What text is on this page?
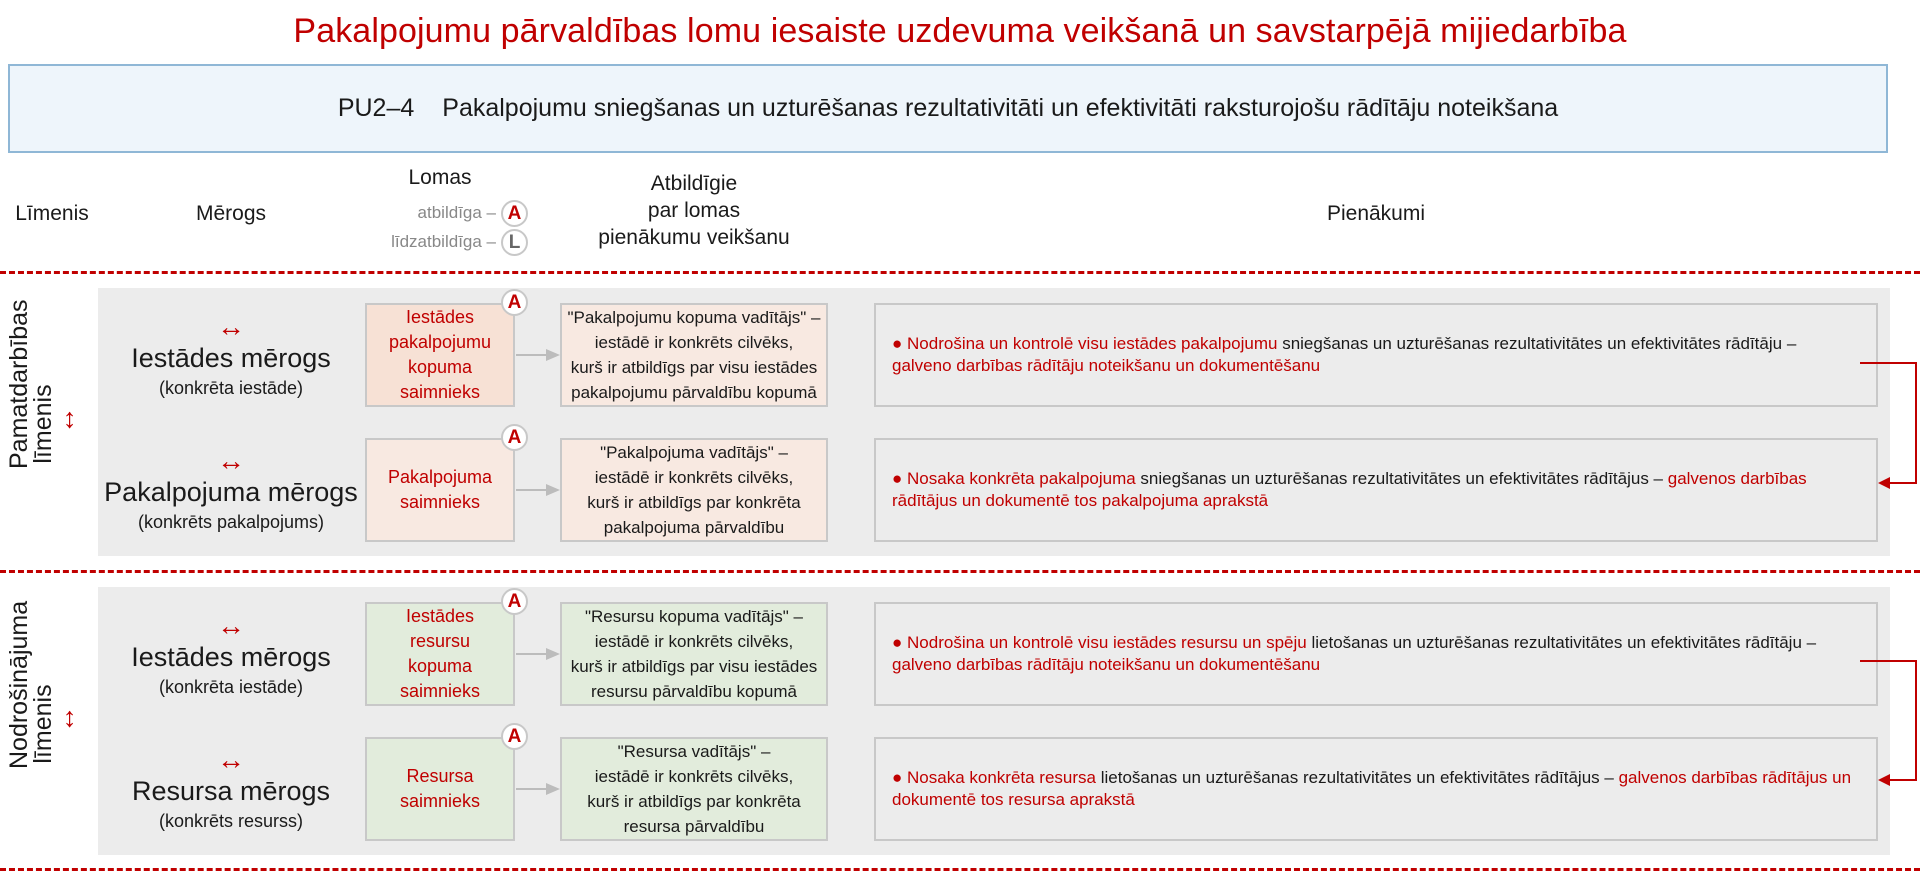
Pakalpojumu pārvaldības lomu iesaiste uzdevuma veikšanā un savstarpējā mijiedarbība
PU2–4 Pakalpojumu sniegšanas un uzturēšanas rezultativitāti un efektivitāti raksturojošu rādītāju noteikšana
Līmenis	Mērogs
Lomas
atbildīga – A
līdzatbildīga – L
Atbildīgie
par lomas
pienākumu veikšanu
Pienākumi
Pamatdarbības
līmenis ↔
Nodrošinājuma
līmenis ↔
↔
Iestādes mērogs
(konkrēta iestāde)
Iestādes
pakalpojumu
kopuma
saimnieks
A
"Pakalpojumu kopuma vadītājs" –
iestādē ir konkrēts cilvēks,
kurš ir atbildīgs par visu iestādes
pakalpojumu pārvaldību kopumā
● Nodrošina un kontrolē visu iestādes pakalpojumu sniegšanas un uzturēšanas rezultativitātes un efektivitātes rādītāju –
galveno darbības rādītāju noteikšanu un dokumentēšanu
↔
Pakalpojuma mērogs
(konkrēts pakalpojums)
Pakalpojuma
saimnieks
A
"Pakalpojuma vadītājs" –
iestādē ir konkrēts cilvēks,
kurš ir atbildīgs par konkrēta
pakalpojuma pārvaldību
● Nosaka konkrēta pakalpojuma sniegšanas un uzturēšanas rezultativitātes un efektivitātes rādītājus – galvenos darbības rādītājus un dokumentē tos pakalpojuma aprakstā
↔
Iestādes mērogs
(konkrēta iestāde)
Iestādes
resursu
kopuma
saimnieks
A
"Resursu kopuma vadītājs" –
iestādē ir konkrēts cilvēks,
kurš ir atbildīgs par visu iestādes
resursu pārvaldību kopumā
● Nodrošina un kontrolē visu iestādes resursu un spēju lietošanas un uzturēšanas rezultativitātes un efektivitātes rādītāju –
galveno darbības rādītāju noteikšanu un dokumentēšanu
↔
Resursa mērogs
(konkrēts resurss)
Resursa
saimnieks
A
"Resursa vadītājs" –
iestādē ir konkrēts cilvēks,
kurš ir atbildīgs par konkrēta
resursa pārvaldību
● Nosaka konkrēta resursa lietošanas un uzturēšanas rezultativitātes un efektivitātes rādītājus – galvenos darbības rādītājus un dokumentē tos resursa aprakstā
